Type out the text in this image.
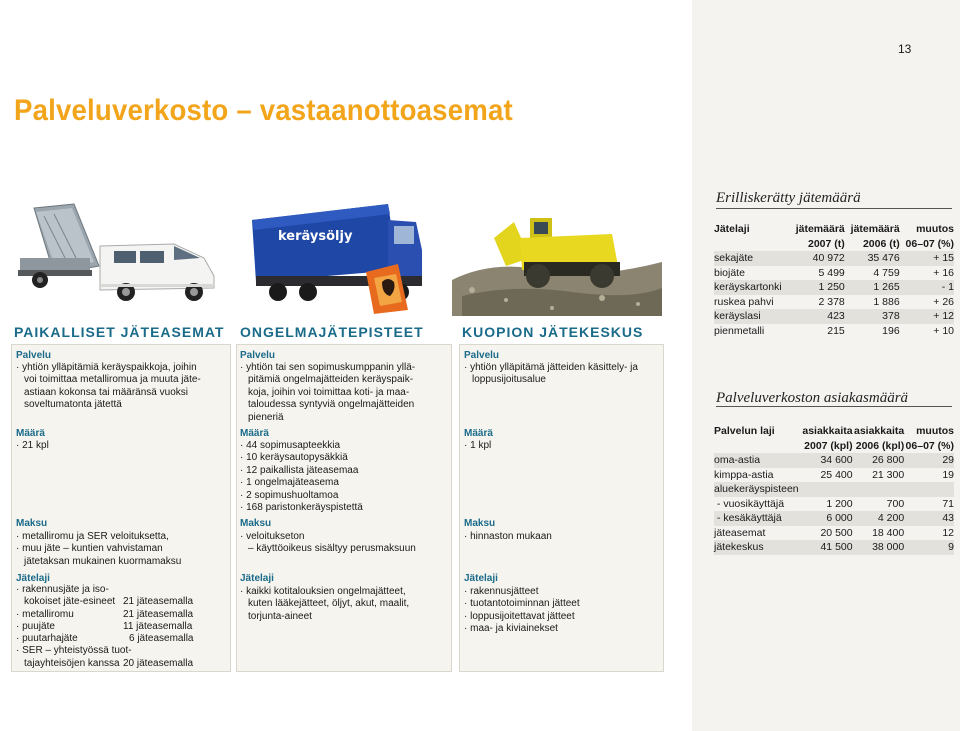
13
Palveluverkosto – vastaanottoasemat
keräysöljy
PAIKALLISET JÄTEASEMAT ONGELMAJÄTEPISTEET	KUOPION JÄTEKESKUS
Palvelu
· yhtiön ylläpitämiä keräyspaikkoja, joihin
voi toimittaa metalliromua ja muuta jäte-
astiaan kokonsa tai määränsä vuoksi
soveltumatonta jätettä
Määrä
· 21 kpl
Maksu
· metalliromu ja SER veloituksetta,
· muu jäte – kuntien vahvistaman
jätetaksan mukainen kuormamaksu
Jätelaji
· rakennusjäte ja iso-
kokoiset jäte-esineet 21 jäteasemalla
· metalliromu	21 jäteasemalla
· puujäte	11 jäteasemalla
· puutarhajäte	6 jäteasemalla
· SER – yhteistyössä tuot-
tajayhteisöjen kanssa 20 jäteasemalla
Palvelu
· yhtiön tai sen sopimuskumppanin yllä-
pitämiä ongelmajätteiden keräyspaik-
koja, joihin voi toimittaa koti- ja maa-
taloudessa syntyviä ongelmajätteiden
pieneriä
Määrä
· 44 sopimusapteekkia
· 10 keräysautopysäkkiä
· 12 paikallista jäteasemaa
· 1 ongelmajäteasema
· 2 sopimushuoltamoa
· 168 paristonkeräyspistettä
Maksu
· veloitukseton
– käyttöoikeus sisältyy perusmaksuun
Jätelaji
· kaikki kotitalouksien ongelmajätteet,
kuten lääkejätteet, öljyt, akut, maalit,
torjunta-aineet
Palvelu
· yhtiön ylläpitämä jätteiden käsittely- ja
loppusijoitusalue
Määrä
· 1 kpl
Maksu
· hinnaston mukaan
Jätelaji
· rakennusjätteet
· tuotantotoiminnan jätteet
· loppusijoitettavat jätteet
· maa- ja kiviainekset
Erilliskerätty jätemäärä
Jätelaji	jätemäärä	jätemäärä	muutos
	2007 (t)	2006 (t)	06–07 (%)
sekajäte	40 972	35 476	+ 15
biojäte	5 499	4 759	+ 16
keräyskartonki	1 250	1 265	- 1
ruskea pahvi	2 378	1 886	+ 26
keräyslasi	423	378	+ 12
pienmetalli	215	196	+ 10
Palveluverkoston asiakasmäärä
Palvelun laji	asiakkaita	asiakkaita	muutos
	2007 (kpl)	2006 (kpl)	06–07 (%)
oma-astia	34 600	26 800	29
kimppa-astia	25 400	21 300	19
aluekeräyspisteen			
- vuosikäyttäjä	1 200	700	71
- kesäkäyttäjä	6 000	4 200	43
jäteasemat	20 500	18 400	12
jätekeskus	41 500	38 000	9
